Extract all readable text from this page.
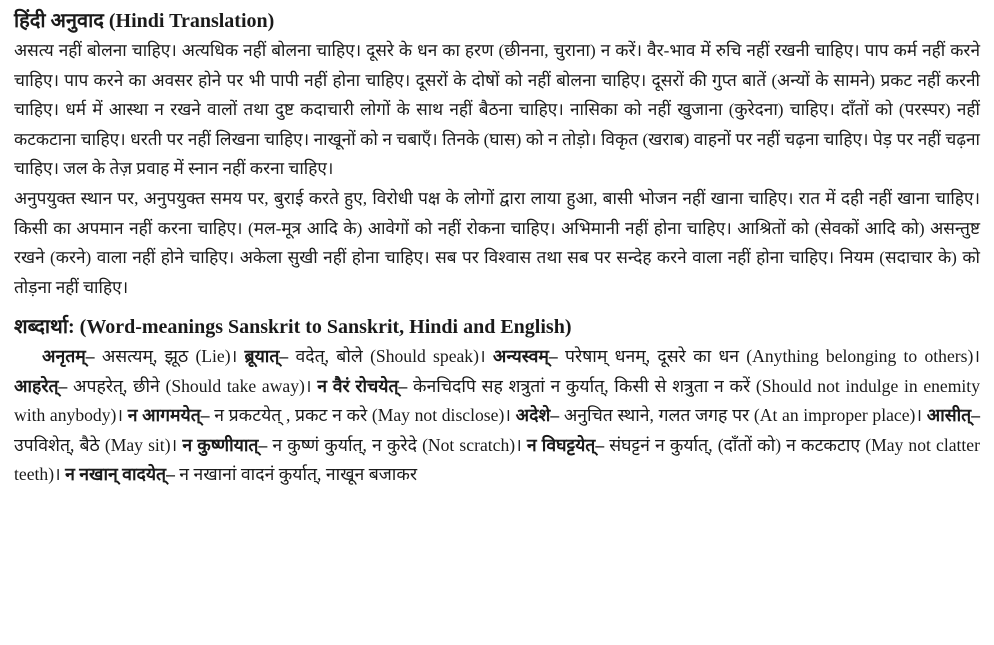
हिंदी अनुवाद (Hindi Translation)

असत्य नहीं बोलना चाहिए। अत्यधिक नहीं बोलना चाहिए। दूसरे के धन का हरण (छीनना, चुराना) न करें। वैर-भाव में रुचि नहीं रखनी चाहिए। पाप कर्म नहीं करने चाहिए। पाप करने का अवसर होने पर भी पापी नहीं होना चाहिए। दूसरों के दोषों को नहीं बोलना चाहिए। दूसरों की गुप्त बातें (अन्यों के सामने) प्रकट नहीं करनी चाहिए। धर्म में आस्था न रखने वालों तथा दुष्ट कदाचारी लोगों के साथ नहीं बैठना चाहिए। नासिका को नहीं खुजाना (कुरेदना) चाहिए। दाँतों को (परस्पर) नहीं कटकटाना चाहिए। धरती पर नहीं लिखना चाहिए। नाखूनों को न चबाएँ। तिनके (घास) को न तोड़ो। विकृत (खराब) वाहनों पर नहीं चढ़ना चाहिए। पेड़ पर नहीं चढ़ना चाहिए। जल के तेज़ प्रवाह में स्नान नहीं करना चाहिए।

अनुपयुक्त स्थान पर, अनुपयुक्त समय पर, बुराई करते हुए, विरोधी पक्ष के लोगों द्वारा लाया हुआ, बासी भोजन नहीं खाना चाहिए। रात में दही नहीं खाना चाहिए। किसी का अपमान नहीं करना चाहिए। (मल-मूत्र आदि के) आवेगों को नहीं रोकना चाहिए। अभिमानी नहीं होना चाहिए। आश्रितों को (सेवकों आदि को) असन्तुष्ट रखने (करने) वाला नहीं होने चाहिए। अकेला सुखी नहीं होना चाहिए। सब पर विश्वास तथा सब पर सन्देह करने वाला नहीं होना चाहिए। नियम (सदाचार के) को तोड़ना नहीं चाहिए।

शब्दार्था: (Word-meanings Sanskrit to Sanskrit, Hindi and English)

अनृतम्– असत्यम्, झूठ (Lie)। ब्रूयात्– वदेत्, बोले (Should speak)। अन्यस्वम्– परेषाम् धनम्, दूसरे का धन (Anything belonging to others)। आहरेत्– अपहरेत्, छीने (Should take away)। न वैरं रोचयेत्– केनचिदपि सह शत्रुतां न कुर्यात्, किसी से शत्रुता न करें (Should not indulge in enemity with anybody)। न आगमयेत्– न प्रकटयेत् , प्रकट न करे (May not disclose)। अदेशे– अनुचित स्थाने, गलत जगह पर (At an improper place)। आसीत्– उपविशेत्, बैठे (May sit)। न कुष्णीयात्– न कुष्णं कुर्यात्, न कुरेदे (Not scratch)। न विघट्टयेत्– संघट्टनं न कुर्यात्, (दाँतों को) न कटकटाए (May not clatter teeth)। न नखान् वादयेत्– न नखानां वादनं कुर्यात्, नाखून बजाकर
